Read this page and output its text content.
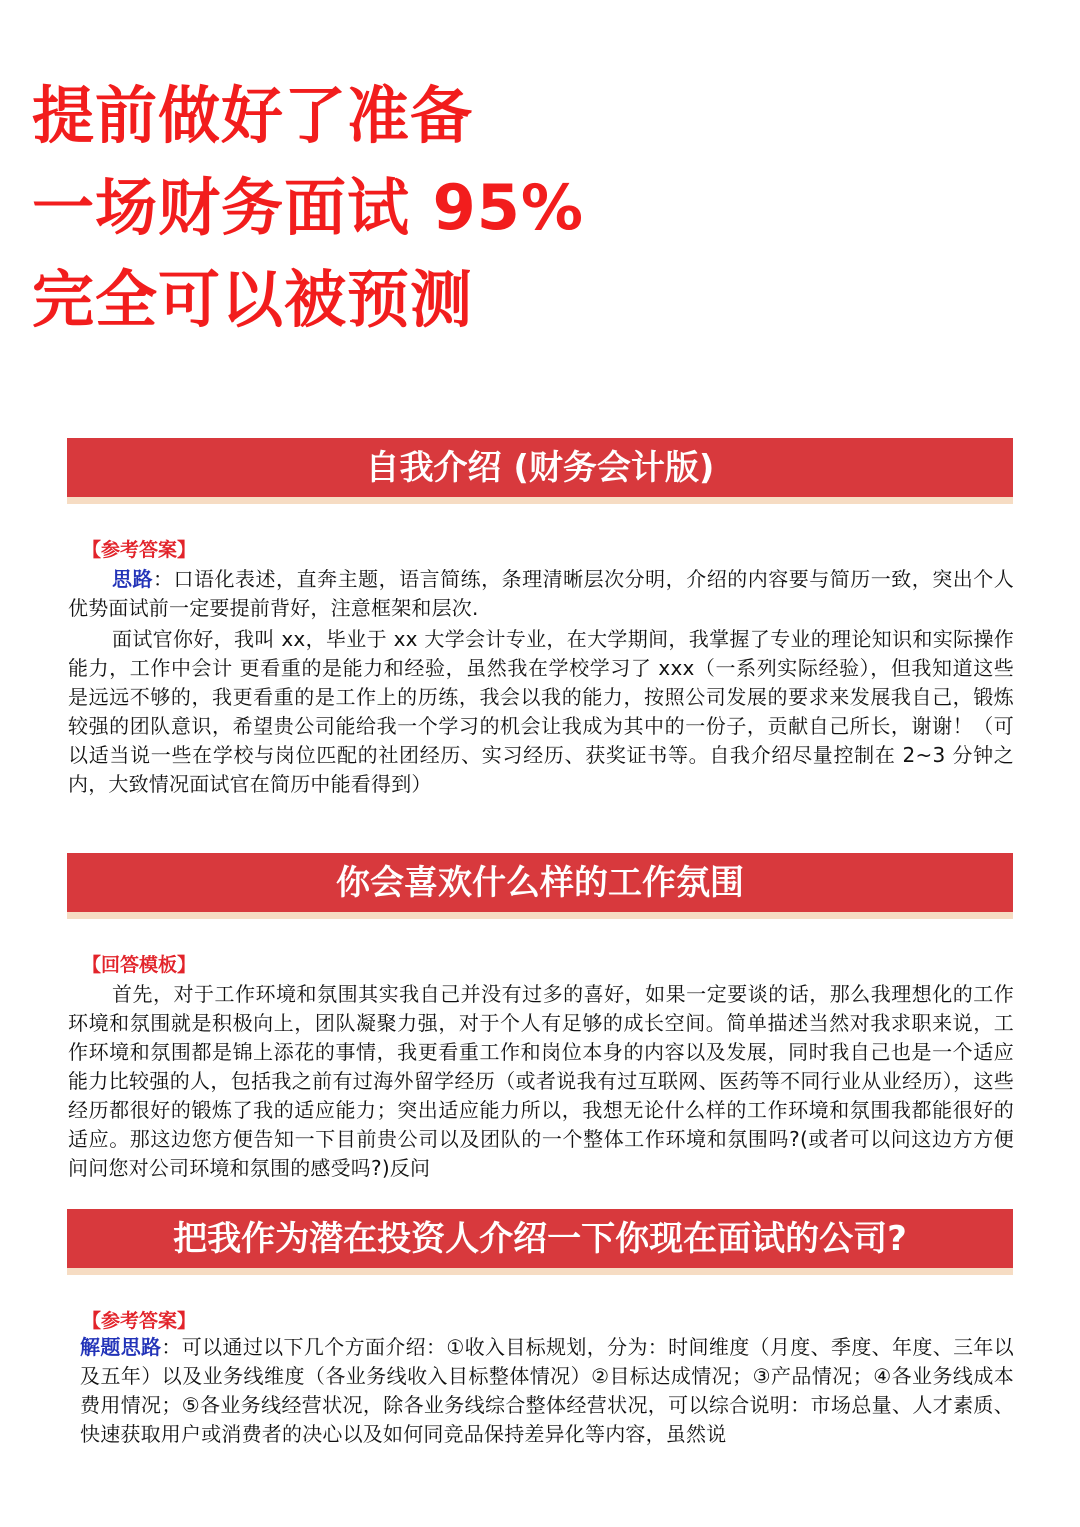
提前做好了准备
一场财务面试 95%
完全可以被预测
自我介绍 (财务会计版)
【参考答案】

思路：口语化表述，直奔主题，语言简练，条理清晰层次分明，介绍的内容要与简历一致，突出个人优势面试前一定要提前背好，注意框架和层次.

面试官你好，我叫 xx，毕业于 xx 大学会计专业，在大学期间，我掌握了专业的理论知识和实际操作能力，工作中会计 更看重的是能力和经验，虽然我在学校学习了 xxx（一系列实际经验），但我知道这些是远远不够的，我更看重的是工作上的历练，我会以我的能力，按照公司发展的要求来发展我自己，锻炼较强的团队意识，希望贵公司能给我一个学习的机会让我成为其中的一份子，贡献自己所长，谢谢！（可以适当说一些在学校与岗位匹配的社团经历、实习经历、获奖证书等。自我介绍尽量控制在 2~3 分钟之内，大致情况面试官在简历中能看得到）

你会喜欢什么样的工作氛围
【回答模板】

首先，对于工作环境和氛围其实我自己并没有过多的喜好，如果一定要谈的话，那么我理想化的工作环境和氛围就是积极向上，团队凝聚力强，对于个人有足够的成长空间。简单描述当然对我求职来说，工作环境和氛围都是锦上添花的事情，我更看重工作和岗位本身的内容以及发展，同时我自己也是一个适应能力比较强的人，包括我之前有过海外留学经历（或者说我有过互联网、医药等不同行业从业经历），这些经历都很好的锻炼了我的适应能力；突出适应能力所以，我想无论什么样的工作环境和氛围我都能很好的适应。那这边您方便告知一下目前贵公司以及团队的一个整体工作环境和氛围吗?(或者可以问这边方方便问问您对公司环境和氛围的感受吗?)反问

把我作为潜在投资人介绍一下你现在面试的公司?
【参考答案】

解题思路：可以通过以下几个方面介绍：①收入目标规划，分为：时间维度（月度、季度、年度、三年以及五年）以及业务线维度（各业务线收入目标整体情况）②目标达成情况；③产品情况；④各业务线成本费用情况；⑤各业务线经营状况，除各业务线综合整体经营状况，可以综合说明：市场总量、人才素质、快速获取用户或消费者的决心以及如何同竞品保持差异化等内容，虽然说
